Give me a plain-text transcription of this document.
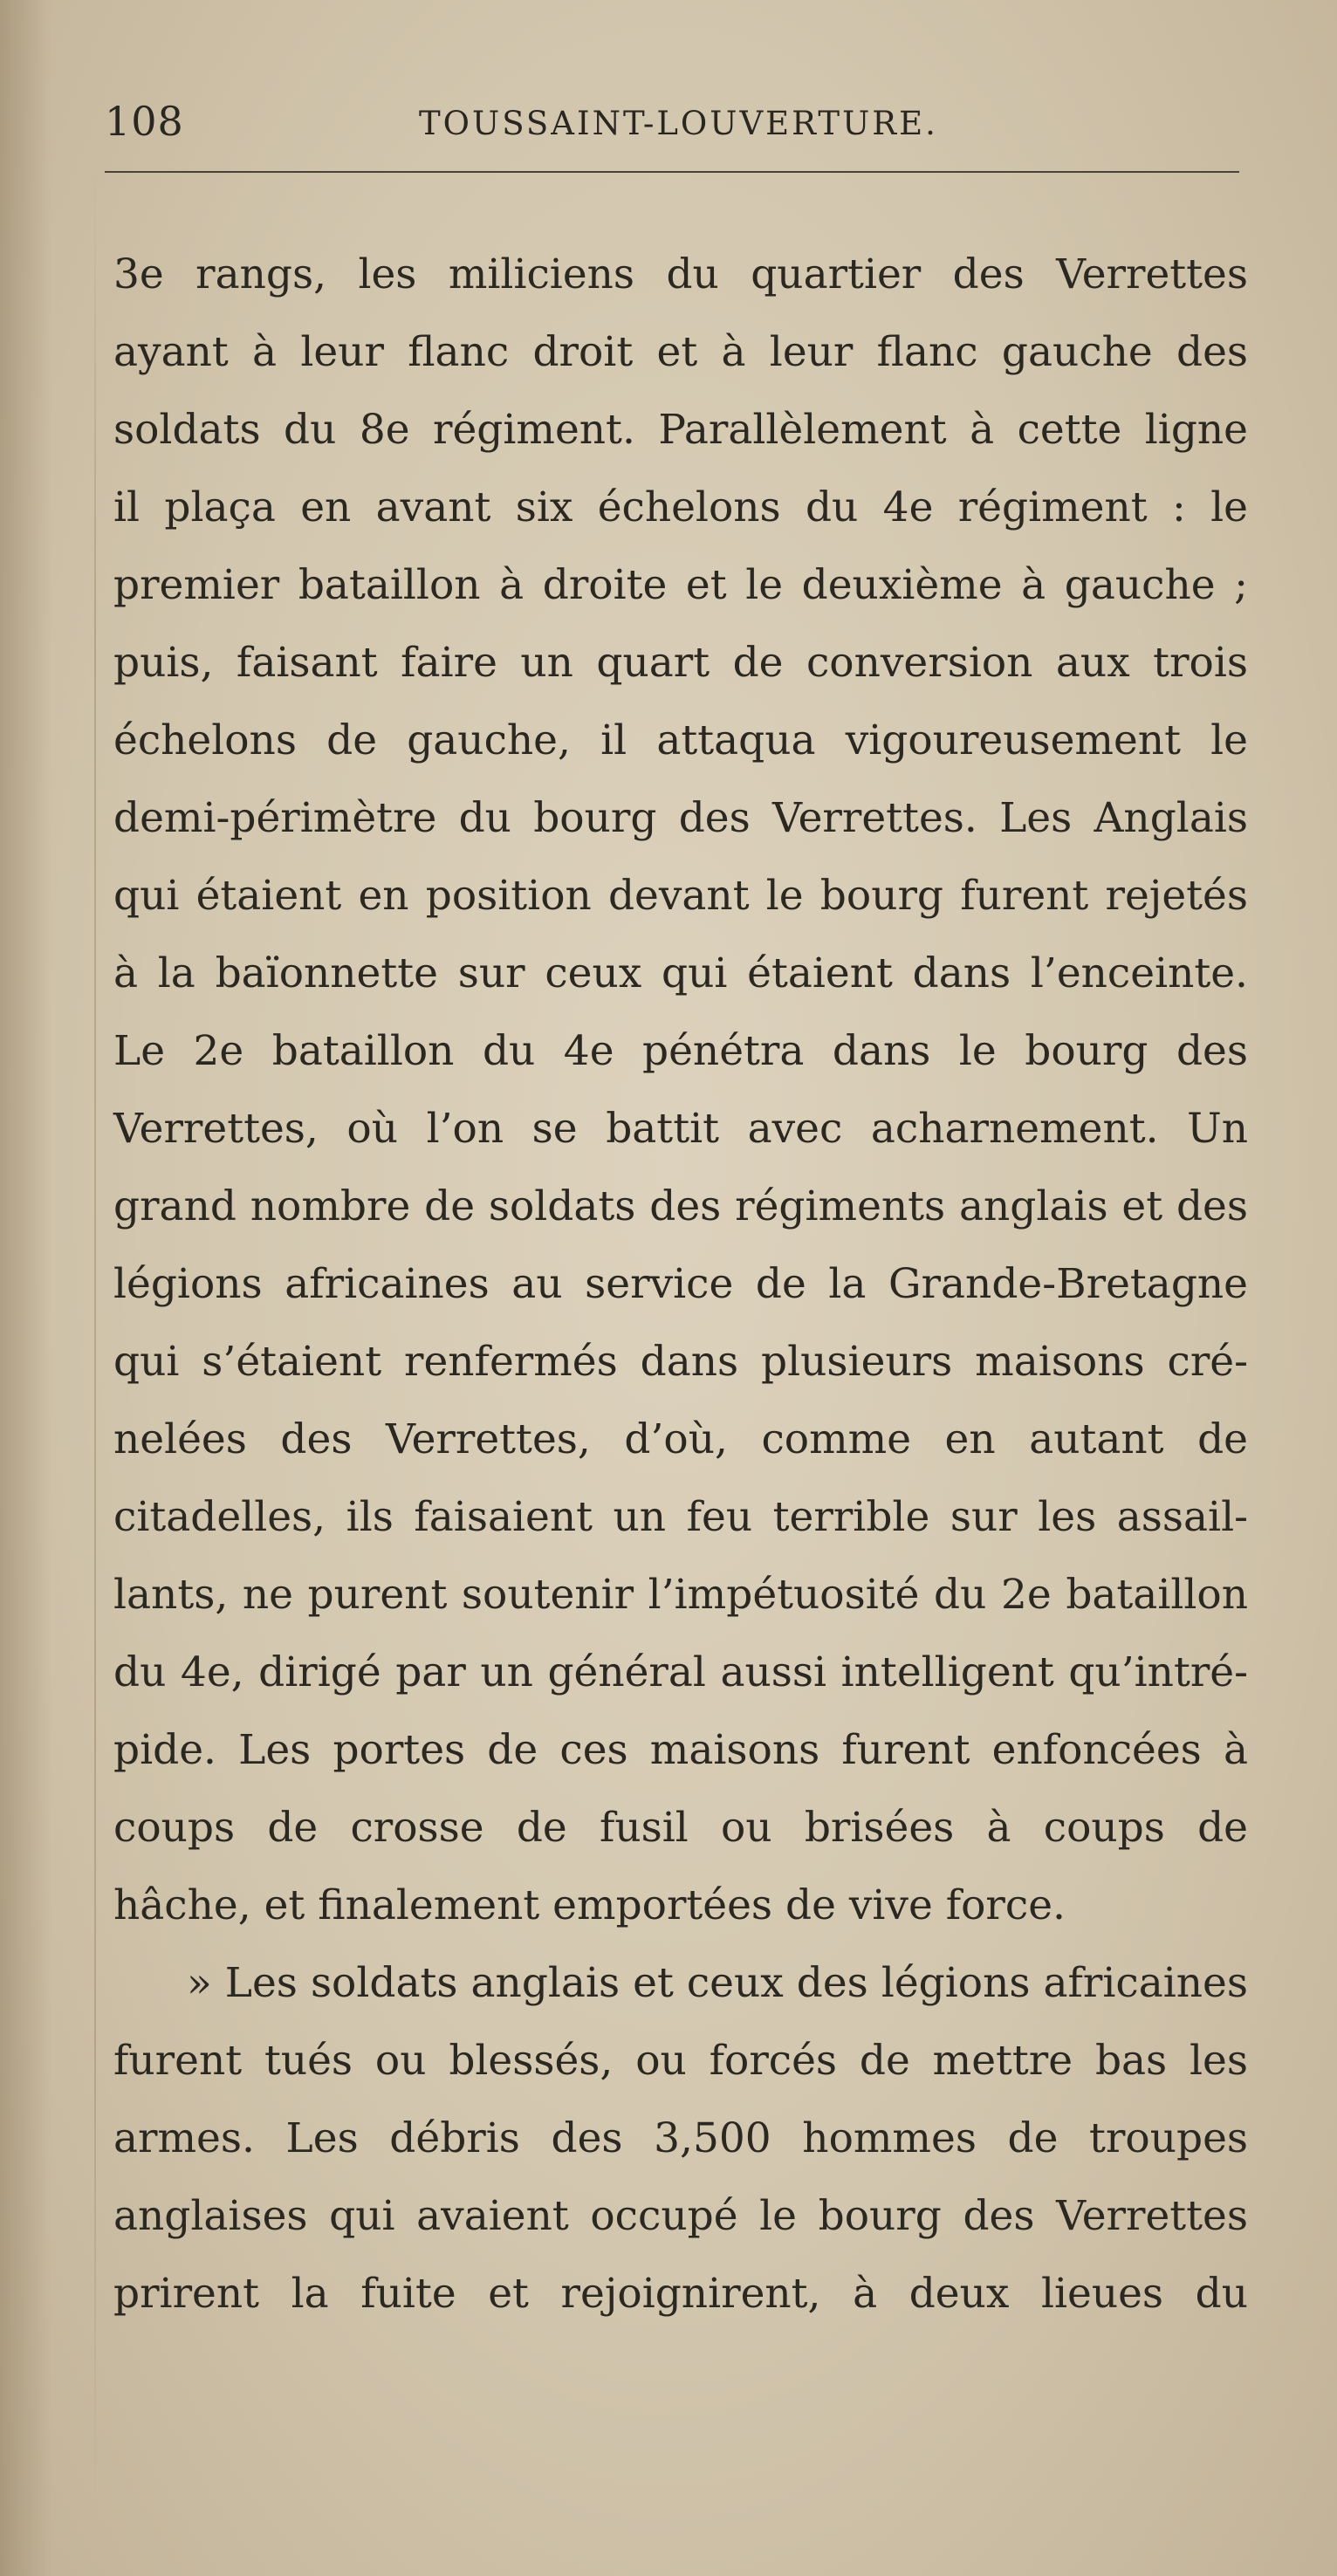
108	TOUSSAINT-LOUVERTURE.
3e rangs, les miliciens du quartier des Verrettes
ayant à leur flanc droit et à leur flanc gauche des
soldats du 8e régiment. Parallèlement à cette ligne
il plaça en avant six échelons du 4e régiment : le
premier bataillon à droite et le deuxième à gauche ;
puis, faisant faire un quart de conversion aux trois
échelons de gauche, il attaqua vigoureusement le
demi-périmètre du bourg des Verrettes. Les Anglais
qui étaient en position devant le bourg furent rejetés
à la baïonnette sur ceux qui étaient dans l’enceinte.
Le 2e bataillon du 4e pénétra dans le bourg des
Verrettes, où l’on se battit avec acharnement. Un
grand nombre de soldats des régiments anglais et des
légions africaines au service de la Grande-Bretagne
qui s’étaient renfermés dans plusieurs maisons cré-
nelées des Verrettes, d’où, comme en autant de
citadelles, ils faisaient un feu terrible sur les assail-
lants, ne purent soutenir l’impétuosité du 2e bataillon
du 4e, dirigé par un général aussi intelligent qu’intré-
pide. Les portes de ces maisons furent enfoncées à
coups de crosse de fusil ou brisées à coups de
hâche, et finalement emportées de vive force.
» Les soldats anglais et ceux des légions africaines
furent tués ou blessés, ou forcés de mettre bas les
armes. Les débris des 3,500 hommes de troupes
anglaises qui avaient occupé le bourg des Verrettes
prirent la fuite et rejoignirent, à deux lieues du
